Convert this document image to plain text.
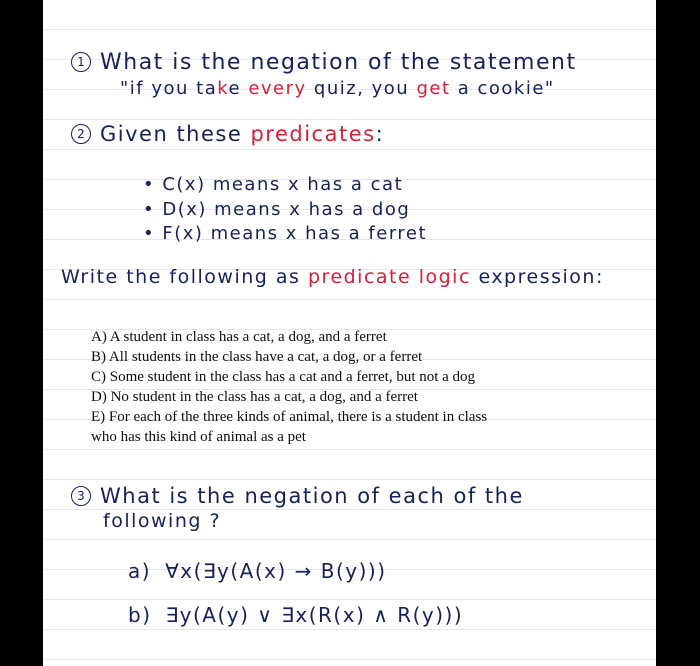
1 What is the negation of the statement
"if you take every quiz, you get a cookie"
2 Given these predicates:
• C(x) means x has a cat
• D(x) means x has a dog
• F(x) means x has a ferret
Write the following as predicate logic expression:
A) A student in class has a cat, a dog, and a ferret
B) All students in the class have a cat, a dog, or a ferret
C) Some student in the class has a cat and a ferret, but not a dog
D) No student in the class has a cat, a dog, and a ferret
E) For each of the three kinds of animal, there is a student in class
who has this kind of animal as a pet
3 What is the negation of each of the
following ?
a) ∀x(∃y(A(x) → B(y)))
b) ∃y(A(y) ∨ ∃x(R(x) ∧ R(y)))
